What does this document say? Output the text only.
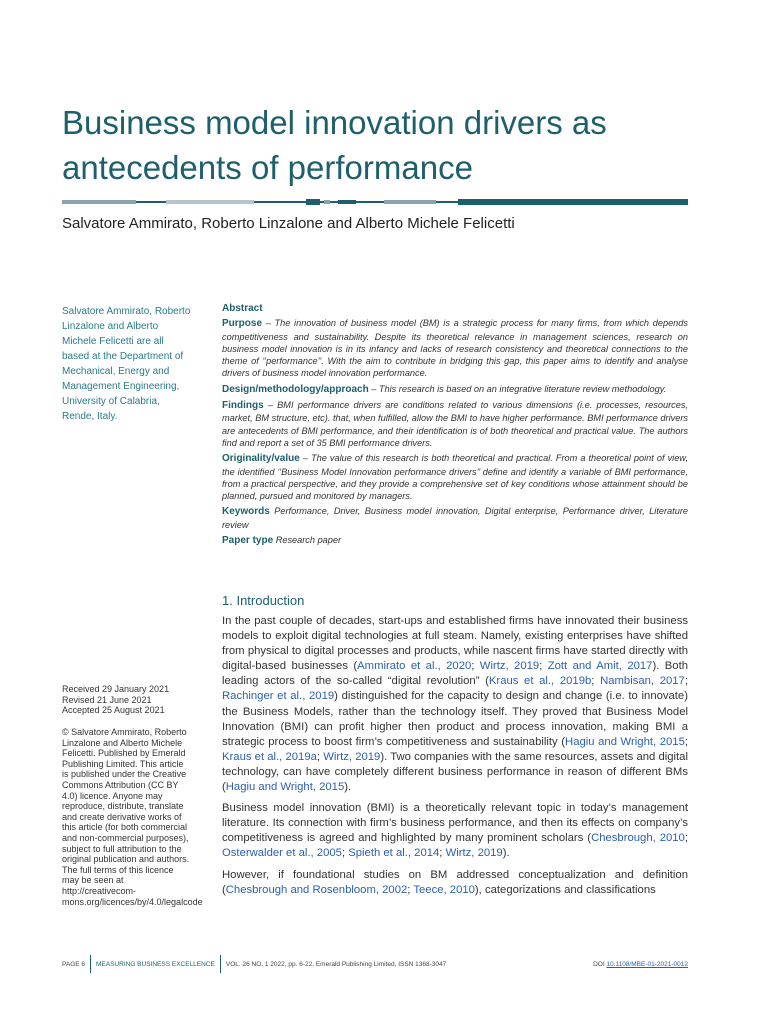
Business model innovation drivers as antecedents of performance
Salvatore Ammirato, Roberto Linzalone and Alberto Michele Felicetti
Salvatore Ammirato, Roberto Linzalone and Alberto Michele Felicetti are all based at the Department of Mechanical, Energy and Management Engineering, University of Calabria, Rende, Italy.
Abstract

Purpose – The innovation of business model (BM) is a strategic process for many firms, from which depends competitiveness and sustainability. Despite its theoretical relevance in management sciences, research on business model innovation is in its infancy and lacks of research consistency and theoretical connections to the theme of ‘‘performance’’. With the aim to contribute in bridging this gap, this paper aims to identify and analyse drivers of business model innovation performance.

Design/methodology/approach – This research is based on an integrative literature review methodology.

Findings – BMI performance drivers are conditions related to various dimensions (i.e. processes, resources, market, BM structure, etc). that, when fulfilled, allow the BMI to have higher performance. BMI performance drivers are antecedents of BMI performance, and their identification is of both theoretical and practical value. The authors find and report a set of 35 BMI performance drivers.

Originality/value – The value of this research is both theoretical and practical. From a theoretical point of view, the identified ‘‘Business Model Innovation performance drivers’’ define and identify a variable of BMI performance, from a practical perspective, and they provide a comprehensive set of key conditions whose attainment should be planned, pursued and monitored by managers.

Keywords Performance, Driver, Business model innovation, Digital enterprise, Performance driver, Literature review

Paper type Research paper

1. Introduction

In the past couple of decades, start-ups and established firms have innovated their business models to exploit digital technologies at full steam. Namely, existing enterprises have shifted from physical to digital processes and products, while nascent firms have started directly with digital-based businesses (Ammirato et al., 2020; Wirtz, 2019; Zott and Amit, 2017). Both leading actors of the so-called “digital revolution” (Kraus et al., 2019b; Nambisan, 2017; Rachinger et al., 2019) distinguished for the capacity to design and change (i.e. to innovate) the Business Models, rather than the technology itself. They proved that Business Model Innovation (BMI) can profit higher then product and process innovation, making BMI a strategic process to boost firm’s competitiveness and sustainability (Hagiu and Wright, 2015; Kraus et al., 2019a; Wirtz, 2019). Two companies with the same resources, assets and digital technology, can have completely different business performance in reason of different BMs (Hagiu and Wright, 2015).

Business model innovation (BMI) is a theoretically relevant topic in today’s management literature. Its connection with firm’s business performance, and then its effects on company’s competitiveness is agreed and highlighted by many prominent scholars (Chesbrough, 2010; Osterwalder et al., 2005; Spieth et al., 2014; Wirtz, 2019).

However, if foundational studies on BM addressed conceptualization and definition (Chesbrough and Rosenbloom, 2002; Teece, 2010), categorizations and classifications

Received 29 January 2021
Revised 21 June 2021
Accepted 25 August 2021
© Salvatore Ammirato, Roberto Linzalone and Alberto Michele Felicetti. Published by Emerald Publishing Limited. This article is published under the Creative Commons Attribution (CC BY 4.0) licence. Anyone may reproduce, distribute, translate and create derivative works of this article (for both commercial and non-commercial purposes), subject to full attribution to the original publication and authors. The full terms of this licence may be seen at http://creativecom-mons.org/licences/by/4.0/legalcode
PAGE 6 MEASURING BUSINESS EXCELLENCE VOL. 26 NO. 1 2022, pp. 6-22, Emerald Publishing Limited, ISSN 1368-3047	DOI 10.1108/MBE-01-2021-0012
